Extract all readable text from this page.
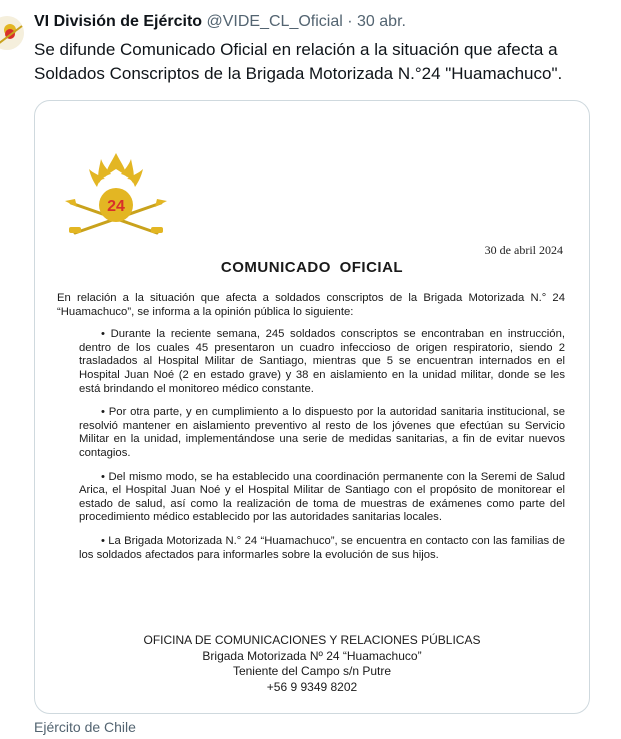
VI División de Ejército @VIDE_CL_Oficial · 30 abr.
Se difunde Comunicado Oficial en relación a la situación que afecta a Soldados Conscriptos de la Brigada Motorizada N.°24 "Huamachuco".
24
30 de abril 2024
COMUNICADO OFICIAL

En relación a la situación que afecta a soldados conscriptos de la Brigada Motorizada N.° 24 “Huamachuco”, se informa a la opinión pública lo siguiente:

• Durante la reciente semana, 245 soldados conscriptos se encontraban en instrucción, dentro de los cuales 45 presentaron un cuadro infeccioso de origen respiratorio, siendo 2 trasladados al Hospital Militar de Santiago, mientras que 5 se encuentran internados en el Hospital Juan Noé (2 en estado grave) y 38 en aislamiento en la unidad militar, donde se les está brindando el monitoreo médico constante.

• Por otra parte, y en cumplimiento a lo dispuesto por la autoridad sanitaria institucional, se resolvió mantener en aislamiento preventivo al resto de los jóvenes que efectúan su Servicio Militar en la unidad, implementándose una serie de medidas sanitarias, a fin de evitar nuevos contagios.

• Del mismo modo, se ha establecido una coordinación permanente con la Seremi de Salud Arica, el Hospital Juan Noé y el Hospital Militar de Santiago con el propósito de monitorear el estado de salud, así como la realización de toma de muestras de exámenes como parte del procedimiento médico establecido por las autoridades sanitarias locales.

• La Brigada Motorizada N.° 24 “Huamachuco”, se encuentra en contacto con las familias de los soldados afectados para informarles sobre la evolución de sus hijos.

OFICINA DE COMUNICACIONES Y RELACIONES PÚBLICAS
Brigada Motorizada Nº 24 “Huamachuco”
Teniente del Campo s/n Putre
+56 9 9349 8202
Ejército de Chile
